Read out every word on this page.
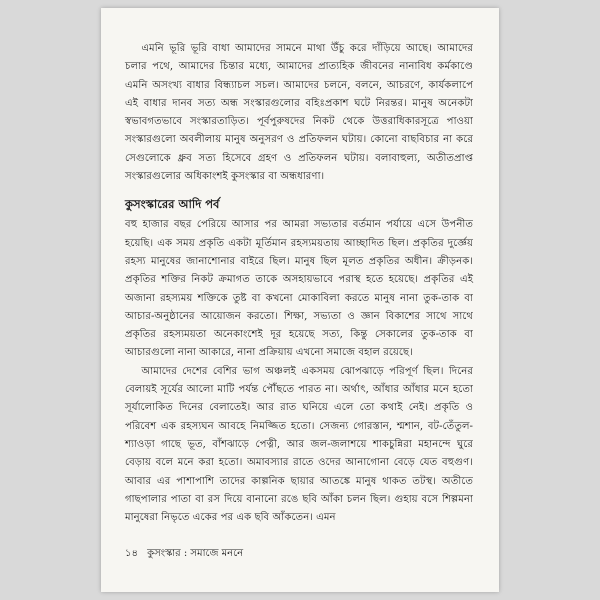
এমনি ভূরি ভূরি বাধা আমাদের সামনে মাথা উঁচু করে দাঁড়িয়ে আছে। আমাদের চলার পথে, আমাদের চিন্তার মধ্যে, আমাদের প্রাত্যহিক জীবনের নানাবিধ কর্মকাণ্ডে এমনি অসংখ্য বাধার বিন্ধ্যাচল সচল। আমাদের চলনে, বলনে, আচরণে, কার্যকলাপে এই বাধার দানব সত্য অন্ধ সংস্কারগুলোর বহিঃপ্রকাশ ঘটে নিরন্তর। মানুষ অনেকটা স্বভাবগতভাবে সংস্কারতাড়িত। পূর্বপুরুষদের নিকট থেকে উত্তরাধিকারসূত্রে পাওয়া সংস্কারগুলো অবলীলায় মানুষ অনুসরণ ও প্রতিফলন ঘটায়। কোনো বাছবিচার না করে সেগুলোকে ধ্রুব সত্য হিসেবে গ্রহণ ও প্রতিফলন ঘটায়। বলাবাহুল্য, অতীতপ্রাপ্ত সংস্কারগুলোর অধিকাংশই কুসংস্কার বা অন্ধধারণা।

কুসংস্কারের আদি পর্ব

বহু হাজার বছর পেরিয়ে আসার পর আমরা সভ্যতার বর্তমান পর্যায়ে এসে উপনীত হয়েছি। এক সময় প্রকৃতি একটা মূর্তিমান রহস্যময়তায় আচ্ছাদিত ছিল। প্রকৃতির দুর্জ্ঞেয় রহস্য মানুষের জানাশোনার বাইরে ছিল। মানুষ ছিল মূলত প্রকৃতির অধীন। ক্রীড়নক। প্রকৃতির শক্তির নিকট ক্রমাগত তাকে অসহায়ভাবে পরাস্থ হতে হয়েছে। প্রকৃতির এই অজানা রহস্যময় শক্তিকে তুষ্ট বা কখনো মোকাবিলা করতে মানুষ নানা তুক-তাক বা আচার-অনুষ্ঠানের আয়োজন করতো। শিক্ষা, সভ্যতা ও জ্ঞান বিকাশের সাথে সাথে প্রকৃতির রহস্যময়তা অনেকাংশেই দূর হয়েছে সত্য, কিন্তু সেকালের তুক-তাক বা আচারগুলো নানা আকারে, নানা প্রক্রিয়ায় এখনো সমাজে বহাল রয়েছে।

আমাদের দেশের বেশির ভাগ অঞ্চলই একসময় ঝোপঝাড়ে পরিপূর্ণ ছিল। দিনের বেলায়ই সূর্যের আলো মাটি পর্যন্ত পৌঁছতে পারত না। অর্থাৎ, আঁধার আঁধার মনে হতো সূর্যালোকিত দিনের বেলাতেই। আর রাত ঘনিয়ে এলে তো কথাই নেই। প্রকৃতি ও পরিবেশ এক রহস্যঘন আবহে নিমজ্জিত হতো। সেজন্য গোরস্তান, শ্মশান, বট-তেঁতুল-শ্যাওড়া গাছে ভূত, বাঁশঝাড়ে পেত্নী, আর জল-জলাশয়ে শাকচুন্নিরা মহানন্দে ঘুরে বেড়ায় বলে মনে করা হতো। অমাবস্যার রাতে ওদের আনাগোনা বেড়ে যেত বহুগুণ। আবার এর পাশাপাশি তাদের কাল্পনিক ছায়ার আতঙ্কে মানুষ থাকত তটস্থ। অতীতে গাছপালার পাতা বা রস দিয়ে বানানো রঙে ছবি আঁকা চলন ছিল। গুহায় বসে শিল্পমনা মানুষেরা নিভৃতে একের পর এক ছবি আঁকতেন। এমন

১৪ কুসংস্কার : সমাজে মননে
